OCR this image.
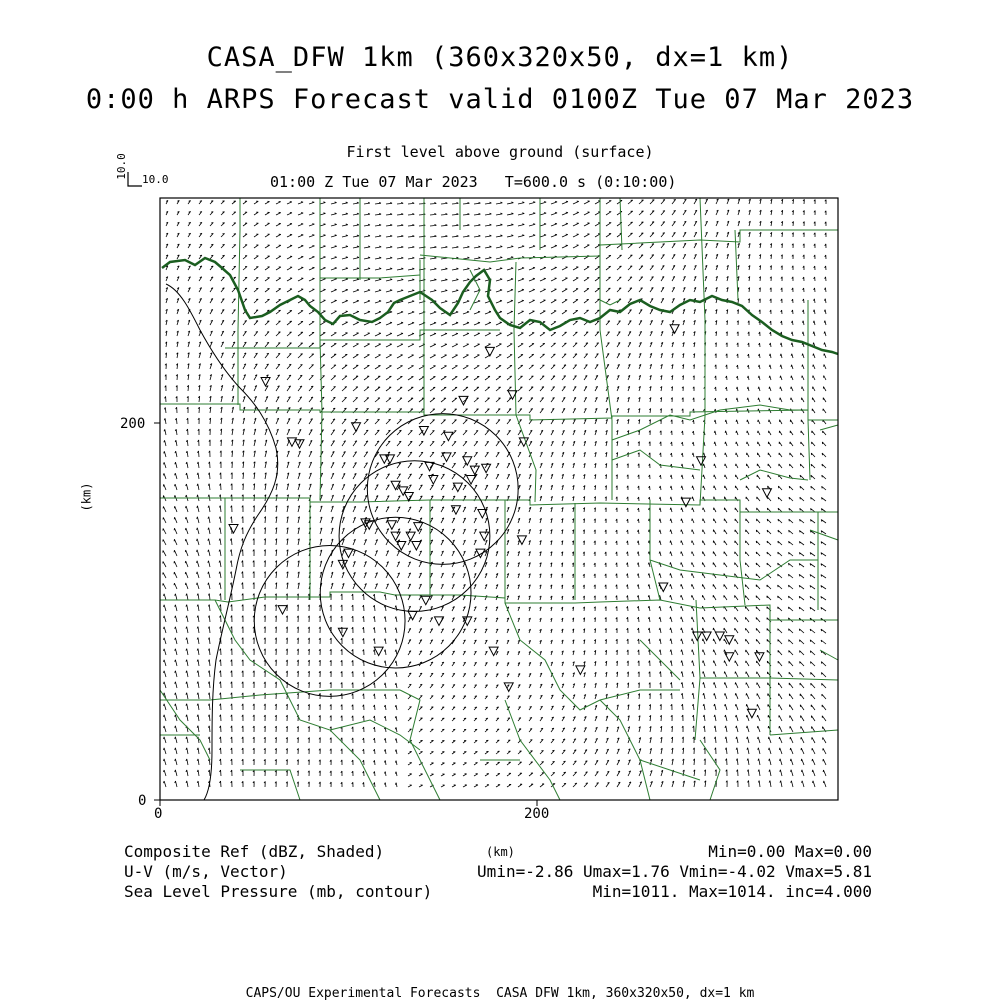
CASA_DFW 1km (360x320x50, dx=1 km)
0:00 h ARPS Forecast valid 0100Z Tue 07 Mar 2023
First level above ground (surface)
01:00 Z Tue 07 Mar 2023   T=600.0 s (0:10:00)
10.0 10.0
(km)
(km)
0	200
0
200
Composite Ref (dBZ, Shaded)
U-V (m/s, Vector)
Sea Level Pressure (mb, contour)
Min=0.00 Max=0.00
Umin=-2.86 Umax=1.76 Vmin=-4.02 Vmax=5.81
Min=1011. Max=1014. inc=4.000
CAPS/OU Experimental Forecasts  CASA DFW 1km, 360x320x50, dx=1 km
